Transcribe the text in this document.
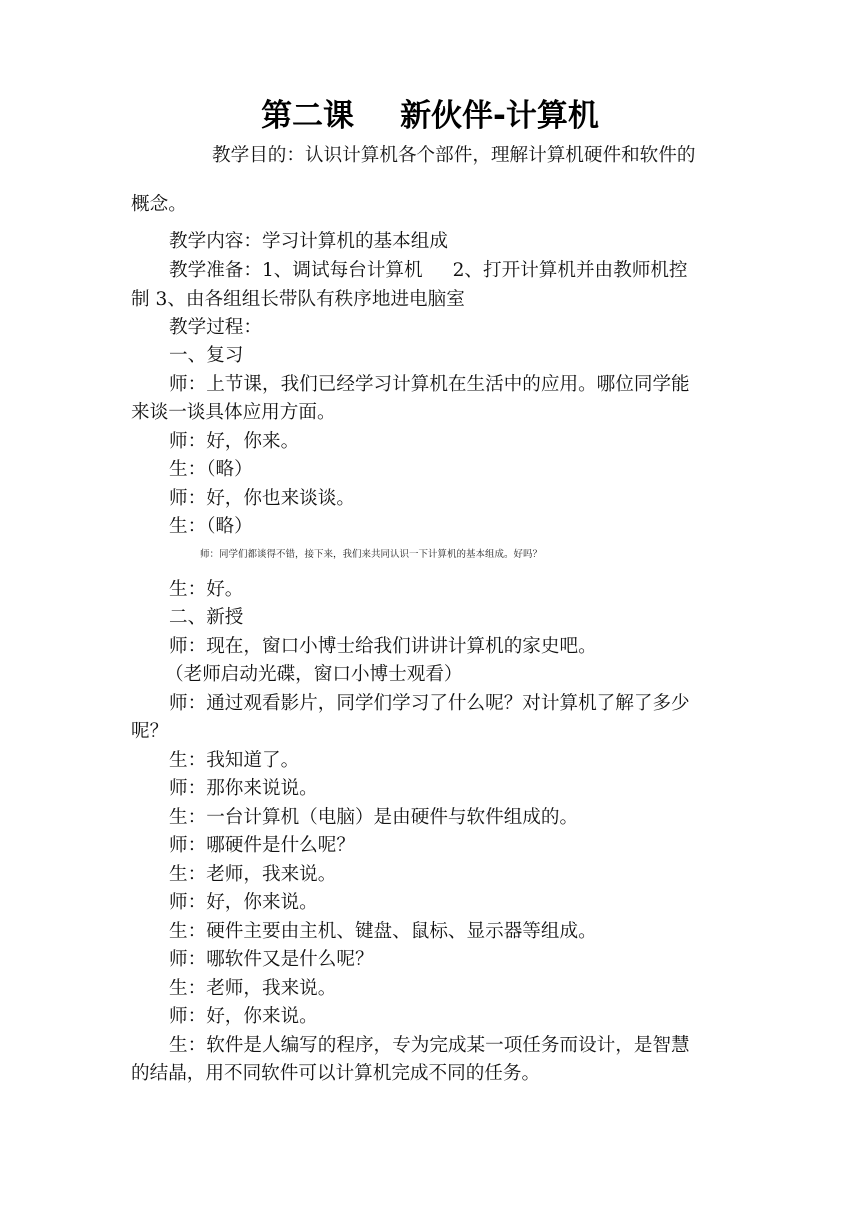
第二课 新伙伴-计算机
教学目的：认识计算机各个部件，理解计算机硬件和软件的
概念。
教学内容：学习计算机的基本组成
教学准备：1、调试每台计算机 2、打开计算机并由教师机控
制 3、由各组组长带队有秩序地进电脑室
教学过程：
一、复习
师：上节课，我们已经学习计算机在生活中的应用。哪位同学能
来谈一谈具体应用方面。
师：好，你来。
生：（略）
师：好，你也来谈谈。
生：（略）
师：同学们都谈得不错，接下来，我们来共同认识一下计算机的基本组成。好吗？
生：好。
二、新授
师：现在，窗口小博士给我们讲讲计算机的家史吧。
（老师启动光碟，窗口小博士观看）
师：通过观看影片，同学们学习了什么呢？对计算机了解了多少
呢？
生：我知道了。
师：那你来说说。
生：一台计算机（电脑）是由硬件与软件组成的。
师：哪硬件是什么呢？
生：老师，我来说。
师：好，你来说。
生：硬件主要由主机、键盘、鼠标、显示器等组成。
师：哪软件又是什么呢？
生：老师，我来说。
师：好，你来说。
生：软件是人编写的程序，专为完成某一项任务而设计，是智慧
的结晶，用不同软件可以计算机完成不同的任务。
